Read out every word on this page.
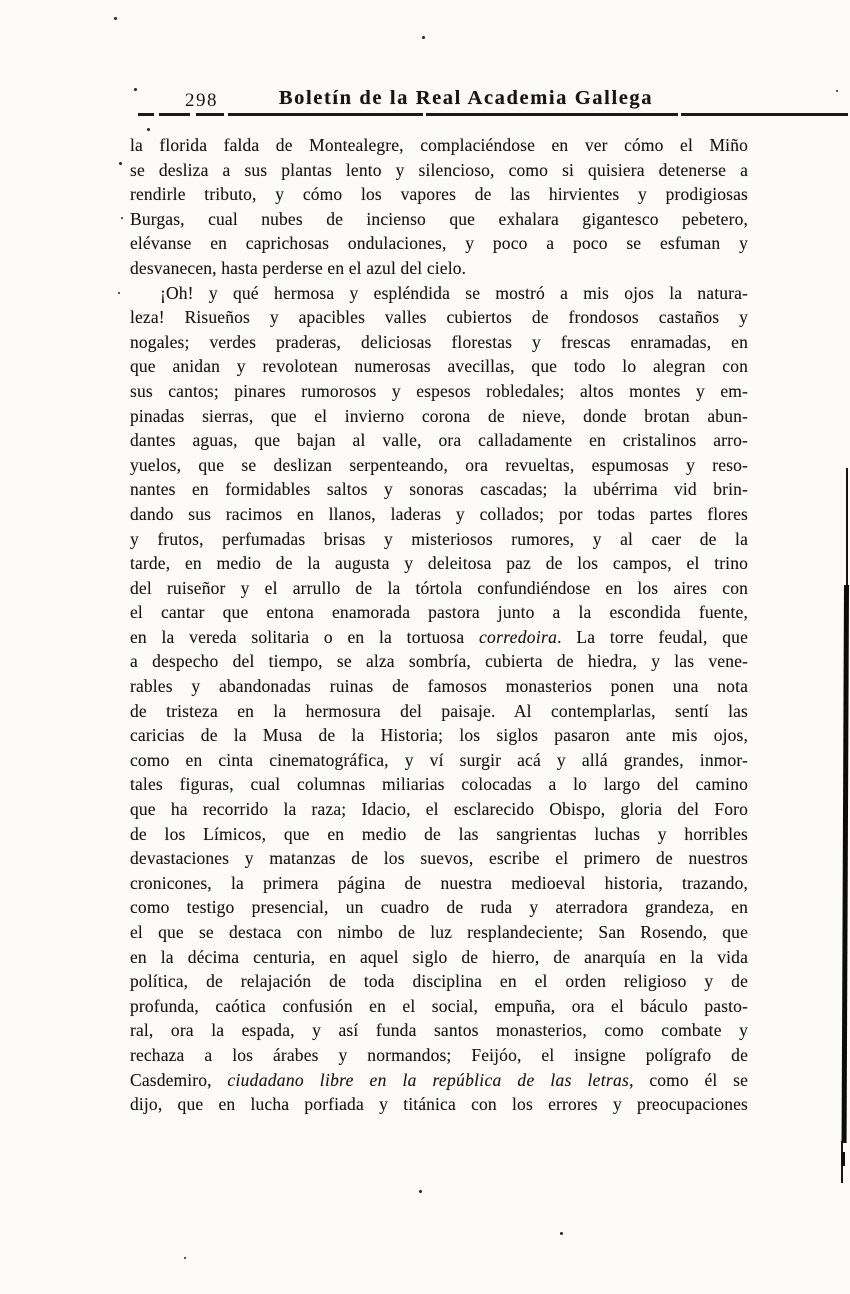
298	Boletín de la Real Academia Gallega
la florida falda de Montealegre, complaciéndose en ver cómo el Miño
se desliza a sus plantas lento y silencioso, como si quisiera detenerse a
rendirle tributo, y cómo los vapores de las hirvientes y prodigiosas
Burgas, cual nubes de incienso que exhalara gigantesco pebetero,
elévanse en caprichosas ondulaciones, y poco a poco se esfuman y
desvanecen, hasta perderse en el azul del cielo.
¡Oh! y qué hermosa y espléndida se mostró a mis ojos la natura-
leza! Risueños y apacibles valles cubiertos de frondosos castaños y
nogales; verdes praderas, deliciosas florestas y frescas enramadas, en
que anidan y revolotean numerosas avecillas, que todo lo alegran con
sus cantos; pinares rumorosos y espesos robledales; altos montes y em-
pinadas sierras, que el invierno corona de nieve, donde brotan abun-
dantes aguas, que bajan al valle, ora calladamente en cristalinos arro-
yuelos, que se deslizan serpenteando, ora revueltas, espumosas y reso-
nantes en formidables saltos y sonoras cascadas; la ubérrima vid brin-
dando sus racimos en llanos, laderas y collados; por todas partes flores
y frutos, perfumadas brisas y misteriosos rumores, y al caer de la
tarde, en medio de la augusta y deleitosa paz de los campos, el trino
del ruiseñor y el arrullo de la tórtola confundiéndose en los aires con
el cantar que entona enamorada pastora junto a la escondida fuente,
en la vereda solitaria o en la tortuosa corredoira. La torre feudal, que
a despecho del tiempo, se alza sombría, cubierta de hiedra, y las vene-
rables y abandonadas ruinas de famosos monasterios ponen una nota
de tristeza en la hermosura del paisaje. Al contemplarlas, sentí las
caricias de la Musa de la Historia; los siglos pasaron ante mis ojos,
como en cinta cinematográfica, y ví surgir acá y allá grandes, inmor-
tales figuras, cual columnas miliarias colocadas a lo largo del camino
que ha recorrido la raza; Idacio, el esclarecido Obispo, gloria del Foro
de los Límicos, que en medio de las sangrientas luchas y horribles
devastaciones y matanzas de los suevos, escribe el primero de nuestros
cronicones, la primera página de nuestra medioeval historia, trazando,
como testigo presencial, un cuadro de ruda y aterradora grandeza, en
el que se destaca con nimbo de luz resplandeciente; San Rosendo, que
en la décima centuria, en aquel siglo de hierro, de anarquía en la vida
política, de relajación de toda disciplina en el orden religioso y de
profunda, caótica confusión en el social, empuña, ora el báculo pasto-
ral, ora la espada, y así funda santos monasterios, como combate y
rechaza a los árabes y normandos; Feijóo, el insigne polígrafo de
Casdemiro, ciudadano libre en la república de las letras, como él se
dijo, que en lucha porfiada y titánica con los errores y preocupaciones
